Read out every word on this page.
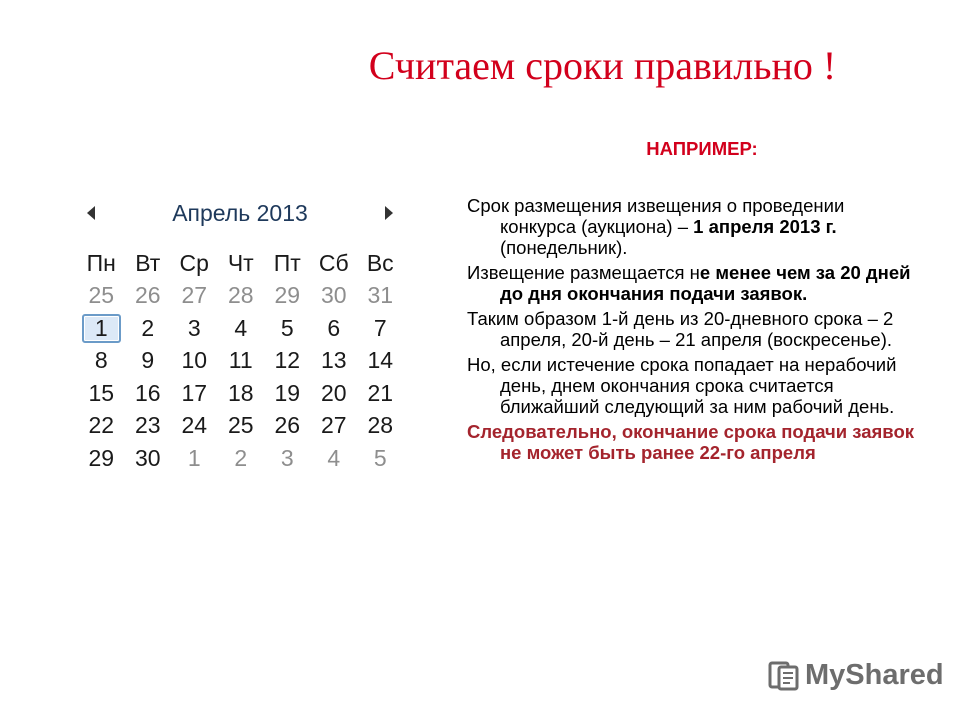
Считаем сроки правильно !
Апрель 2013
Пн Вт Ср Чт Пт Сб Вс
25 26 27 28 29 30 31
1	2	3	4	5	6	7
8	9	10 11 12 13 14
15 16 17 18 19 20 21
22 23 24 25 26 27 28
29 30	1	2	3	4	5
НАПРИМЕР:
Срок размещения извещения о проведении конкурса (аукциона) – 1 апреля 2013 г. (понедельник).
Извещение размещается не менее чем за 20 дней до дня окончания подачи заявок.
Таким образом 1-й день из 20-дневного срока – 2 апреля, 20-й день – 21 апреля (воскресенье).
Но, если истечение срока попадает на нерабочий день, днем окончания срока считается ближайший следующий за ним рабочий день.
Следовательно, окончание срока подачи заявок не может быть ранее 22-го апреля
MyShared
